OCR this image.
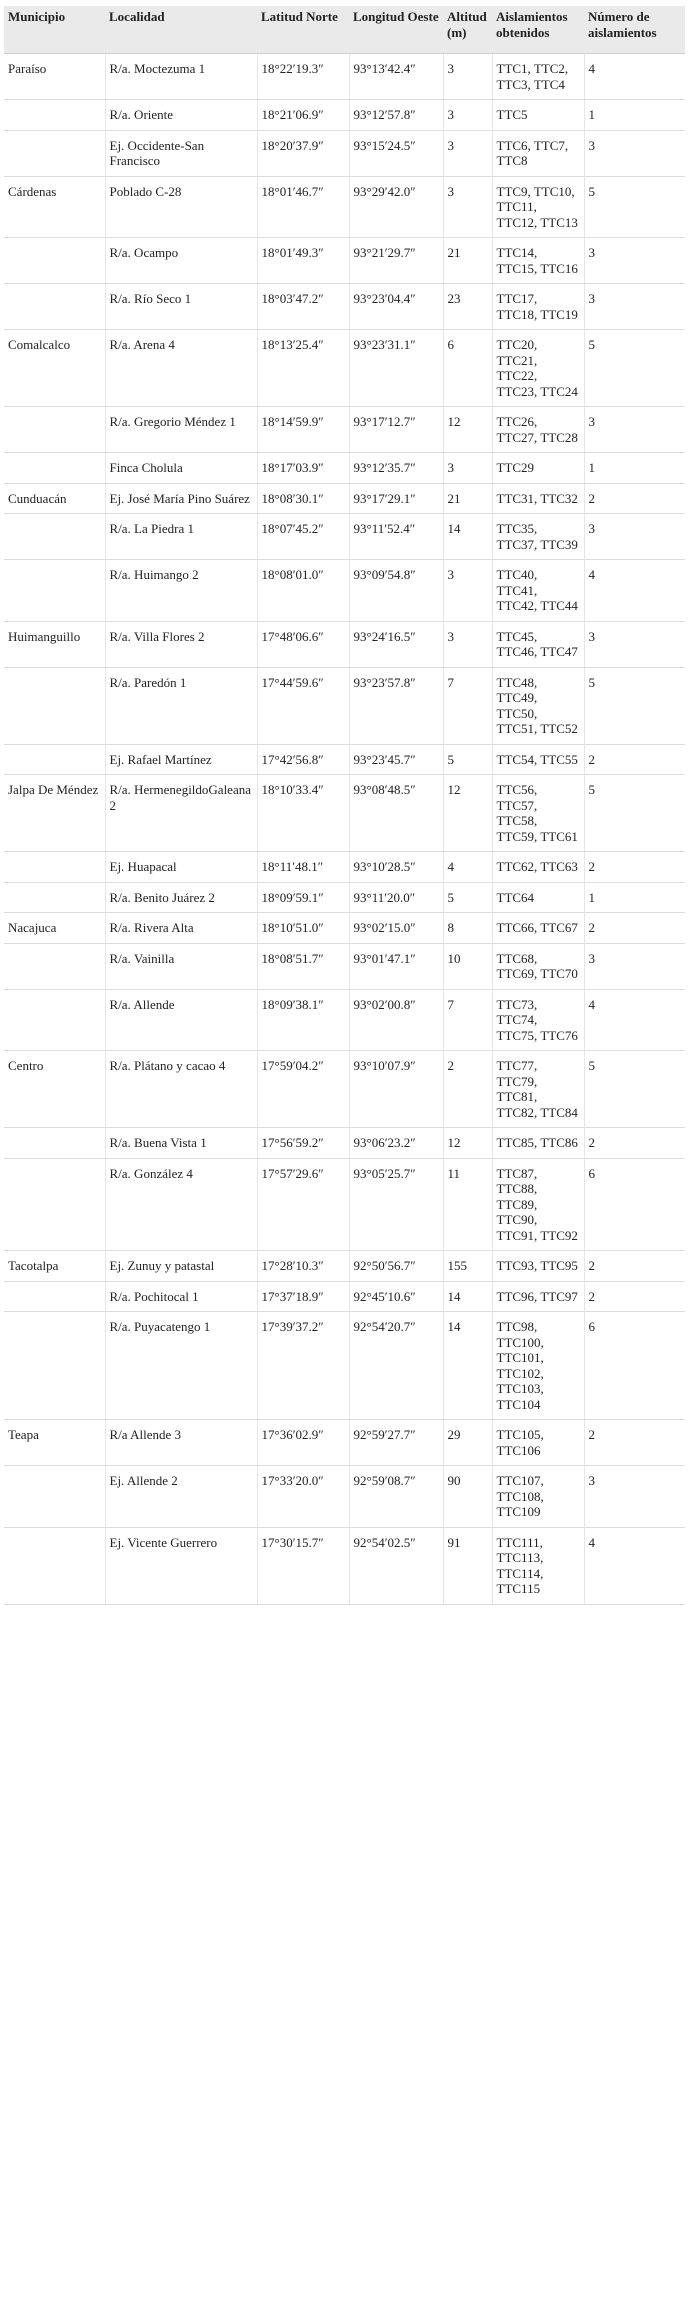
Municipio	Localidad	Latitud Norte	Longitud Oeste	Altitud (m)	Aislamientos obtenidos	Número de aislamientos
Paraíso	R/a. Moctezuma 1	18°22′19.3″	93°13′42.4″	3	TTC1, TTC2, TTC3, TTC4	4
	R/a. Oriente	18°21′06.9″	93°12′57.8″	3	TTC5	1
	Ej. Occidente-San Francisco	18°20′37.9″	93°15′24.5″	3	TTC6, TTC7, TTC8	3
Cárdenas	Poblado C-28	18°01′46.7″	93°29′42.0″	3	TTC9, TTC10, TTC11, TTC12, TTC13	5
	R/a. Ocampo	18°01′49.3″	93°21′29.7″	21	TTC14, TTC15, TTC16	3
	R/a. Río Seco 1	18°03′47.2″	93°23′04.4″	23	TTC17, TTC18, TTC19	3
Comalcalco	R/a. Arena 4	18°13′25.4″	93°23′31.1″	6	TTC20, TTC21, TTC22, TTC23, TTC24	5
	R/a. Gregorio Méndez 1	18°14′59.9″	93°17′12.7″	12	TTC26, TTC27, TTC28	3
	Finca Cholula	18°17′03.9″	93°12′35.7″	3	TTC29	1
Cunduacán	Ej. José María Pino Suárez	18°08′30.1″	93°17′29.1″	21	TTC31, TTC32	2
	R/a. La Piedra 1	18°07′45.2″	93°11′52.4″	14	TTC35, TTC37, TTC39	3
	R/a. Huimango 2	18°08′01.0″	93°09′54.8″	3	TTC40, TTC41, TTC42, TTC44	4
Huimanguillo	R/a. Villa Flores 2	17°48′06.6″	93°24′16.5″	3	TTC45, TTC46, TTC47	3
	R/a. Paredón 1	17°44′59.6″	93°23′57.8″	7	TTC48, TTC49, TTC50, TTC51, TTC52	5
	Ej. Rafael Martínez	17°42′56.8″	93°23′45.7″	5	TTC54, TTC55	2
Jalpa De Méndez	R/a. HermenegildoGaleana 2	18°10′33.4″	93°08′48.5″	12	TTC56, TTC57, TTC58, TTC59, TTC61	5
	Ej. Huapacal	18°11′48.1″	93°10′28.5″	4	TTC62, TTC63	2
	R/a. Benito Juárez 2	18°09′59.1″	93°11′20.0″	5	TTC64	1
Nacajuca	R/a. Rivera Alta	18°10′51.0″	93°02′15.0″	8	TTC66, TTC67	2
	R/a. Vainilla	18°08′51.7″	93°01′47.1″	10	TTC68, TTC69, TTC70	3
	R/a. Allende	18°09′38.1″	93°02′00.8″	7	TTC73, TTC74, TTC75, TTC76	4
Centro	R/a. Plátano y cacao 4	17°59′04.2″	93°10′07.9″	2	TTC77, TTC79, TTC81, TTC82, TTC84	5
	R/a. Buena Vista 1	17°56′59.2″	93°06′23.2″	12	TTC85, TTC86	2
	R/a. González 4	17°57′29.6″	93°05′25.7″	11	TTC87, TTC88, TTC89, TTC90, TTC91, TTC92	6
Tacotalpa	Ej. Zunuy y patastal	17°28′10.3″	92°50′56.7″	155	TTC93, TTC95	2
	R/a. Pochitocal 1	17°37′18.9″	92°45′10.6″	14	TTC96, TTC97	2
	R/a. Puyacatengo 1	17°39′37.2″	92°54′20.7″	14	TTC98, TTC100, TTC101, TTC102, TTC103, TTC104	6
Teapa	R/a Allende 3	17°36′02.9″	92°59′27.7″	29	TTC105, TTC106	2
	Ej. Allende 2	17°33′20.0″	92°59′08.7″	90	TTC107, TTC108, TTC109	3
	Ej. Vicente Guerrero	17°30′15.7″	92°54′02.5″	91	TTC111, TTC113, TTC114, TTC115	4
